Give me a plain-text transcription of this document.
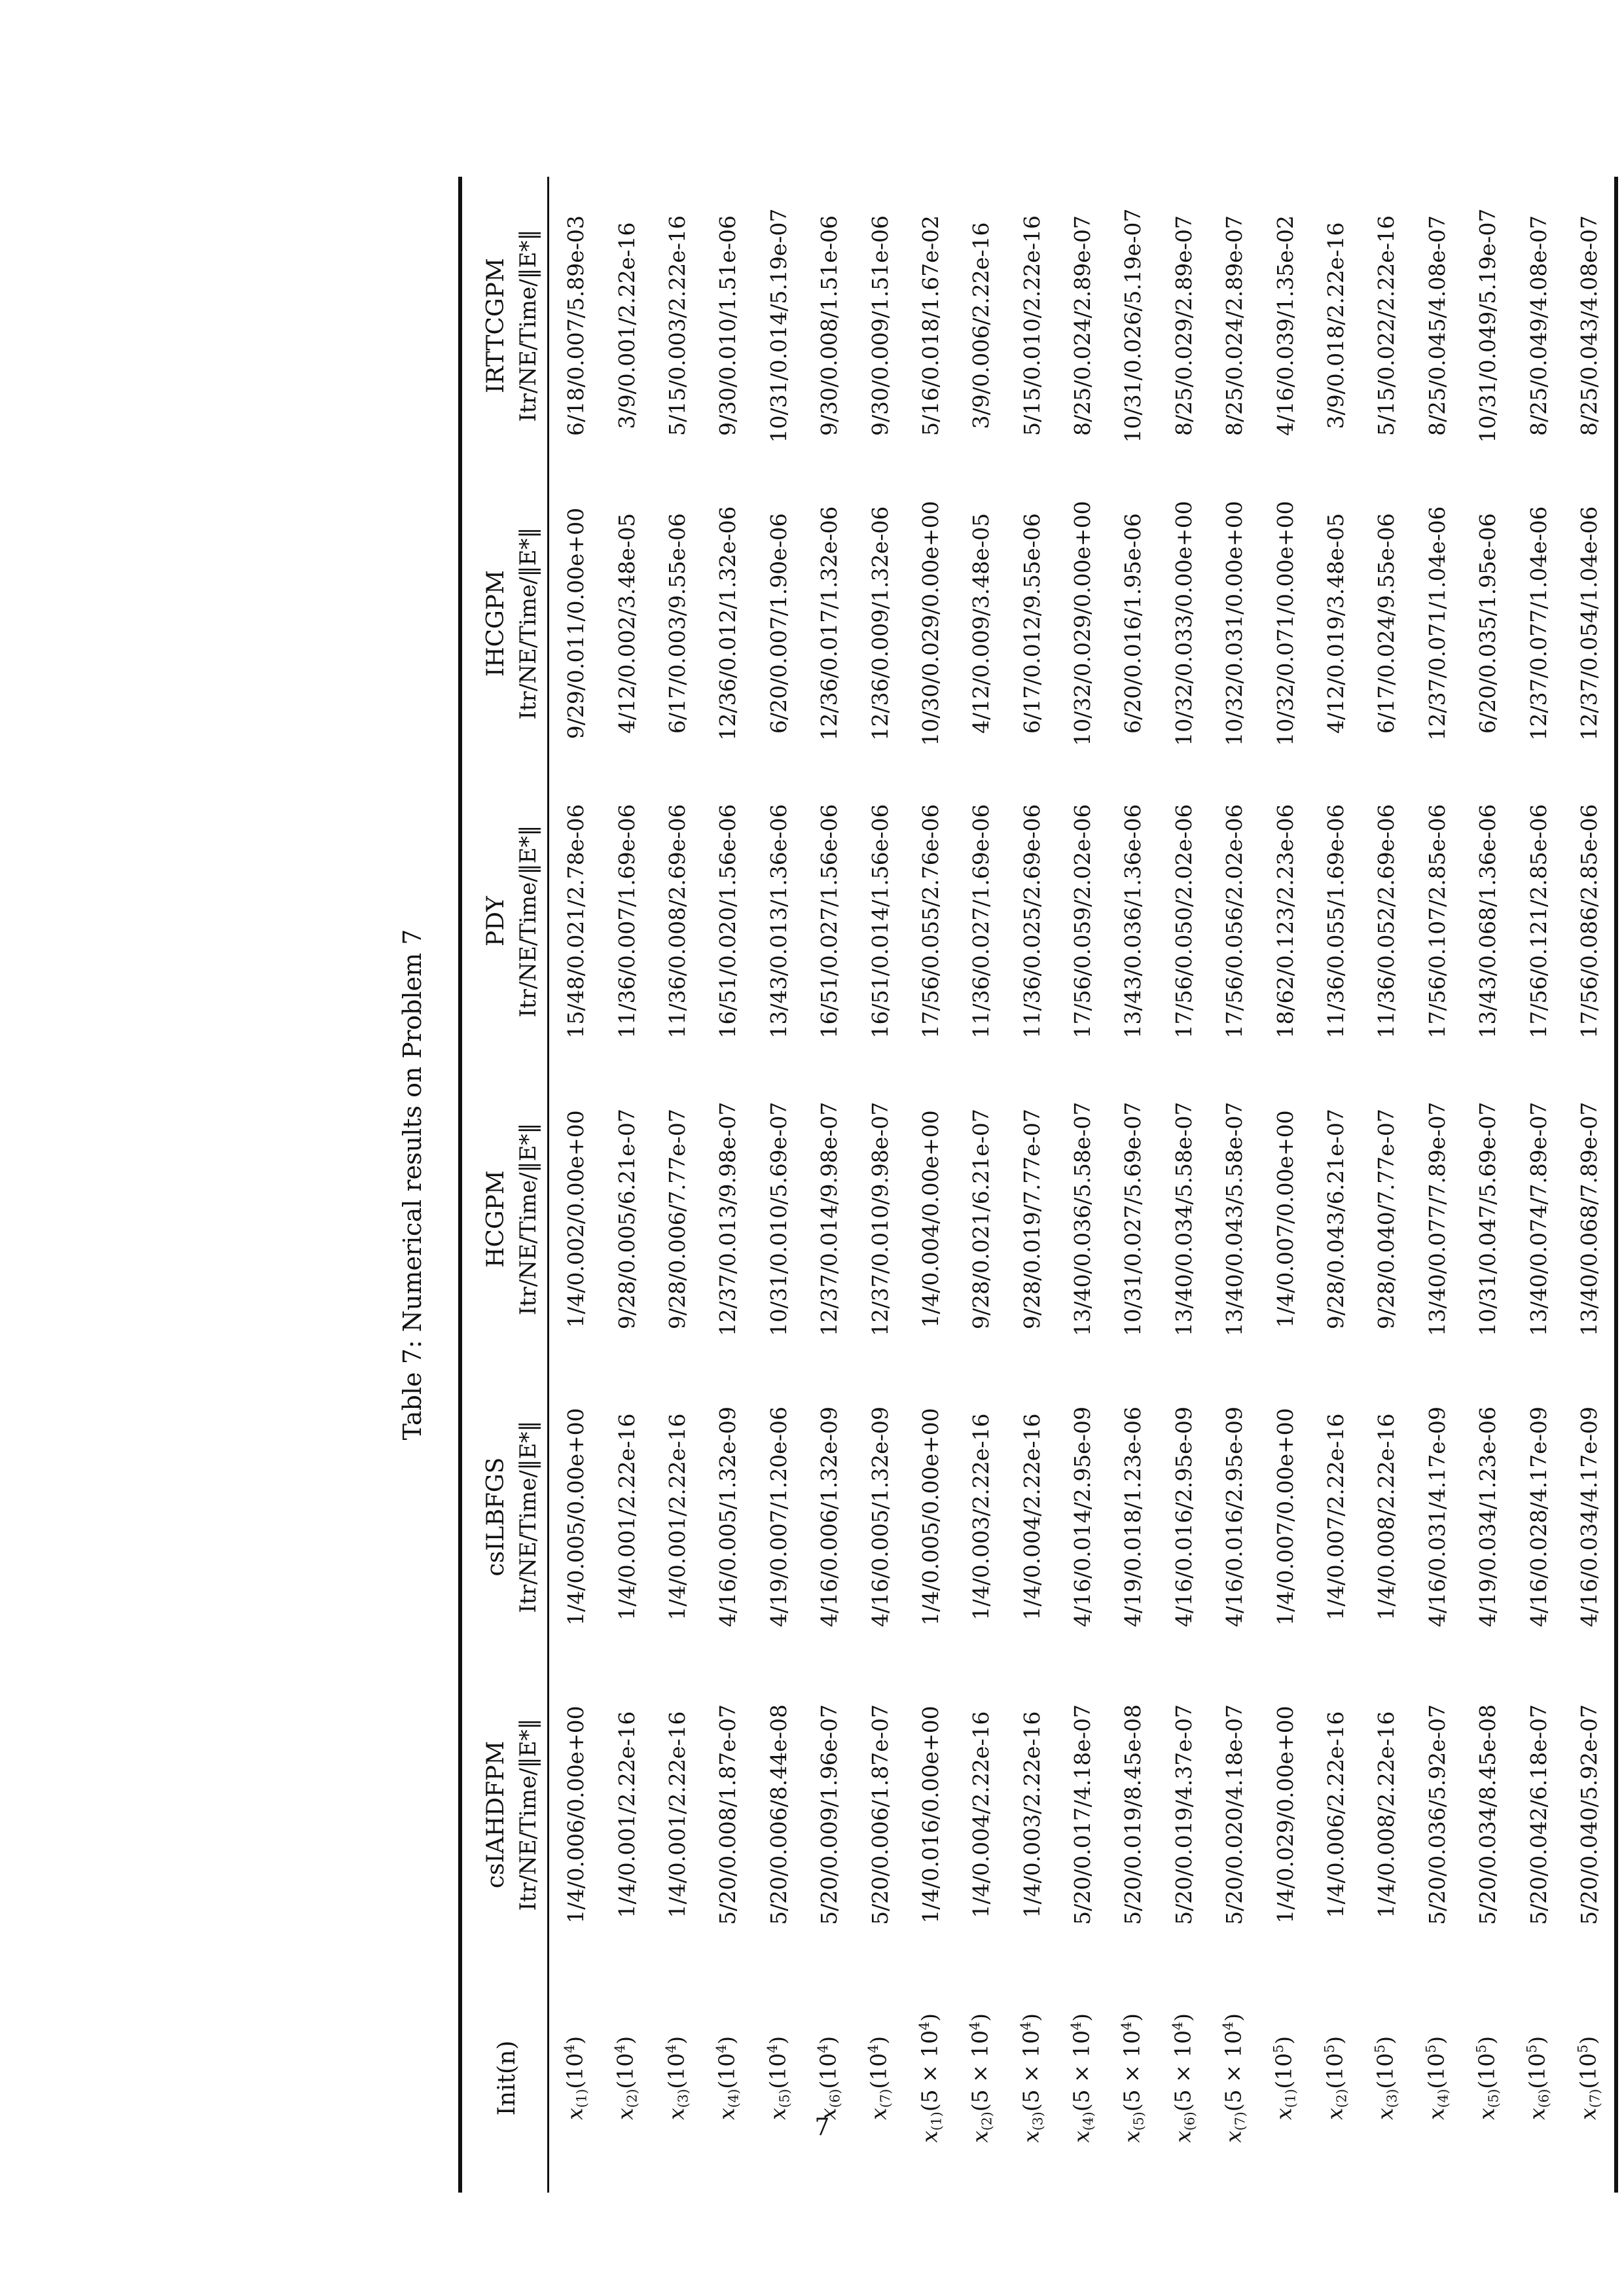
Table 7: Numerical results on Problem 7
Init(n)	csIAHDFPM	csILBFGS	HCGPM	PDY	IHCGPM	IRTTCGPM
	Itr/NE/Time/‖E*‖	Itr/NE/Time/‖E*‖	Itr/NE/Time/‖E*‖	Itr/NE/Time/‖E*‖	Itr/NE/Time/‖E*‖	Itr/NE/Time/‖E*‖
$x_{(1)}(10^4)$	1/4/0.006/0.00e+00	1/4/0.005/0.00e+00	1/4/0.002/0.00e+00	15/48/0.021/2.78e-06	9/29/0.011/0.00e+00	6/18/0.007/5.89e-03
$x_{(2)}(10^4)$	1/4/0.001/2.22e-16	1/4/0.001/2.22e-16	9/28/0.005/6.21e-07	11/36/0.007/1.69e-06	4/12/0.002/3.48e-05	3/9/0.001/2.22e-16
$x_{(3)}(10^4)$	1/4/0.001/2.22e-16	1/4/0.001/2.22e-16	9/28/0.006/7.77e-07	11/36/0.008/2.69e-06	6/17/0.003/9.55e-06	5/15/0.003/2.22e-16
$x_{(4)}(10^4)$	5/20/0.008/1.87e-07	4/16/0.005/1.32e-09	12/37/0.013/9.98e-07	16/51/0.020/1.56e-06	12/36/0.012/1.32e-06	9/30/0.010/1.51e-06
$x_{(5)}(10^4)$	5/20/0.006/8.44e-08	4/19/0.007/1.20e-06	10/31/0.010/5.69e-07	13/43/0.013/1.36e-06	6/20/0.007/1.90e-06	10/31/0.014/5.19e-07
$x_{(6)}(10^4)$	5/20/0.009/1.96e-07	4/16/0.006/1.32e-09	12/37/0.014/9.98e-07	16/51/0.027/1.56e-06	12/36/0.017/1.32e-06	9/30/0.008/1.51e-06
$x_{(7)}(10^4)$	5/20/0.006/1.87e-07	4/16/0.005/1.32e-09	12/37/0.010/9.98e-07	16/51/0.014/1.56e-06	12/36/0.009/1.32e-06	9/30/0.009/1.51e-06
$x_{(1)}(5 \times 10^4)$	1/4/0.016/0.00e+00	1/4/0.005/0.00e+00	1/4/0.004/0.00e+00	17/56/0.055/2.76e-06	10/30/0.029/0.00e+00	5/16/0.018/1.67e-02
$x_{(2)}(5 \times 10^4)$	1/4/0.004/2.22e-16	1/4/0.003/2.22e-16	9/28/0.021/6.21e-07	11/36/0.027/1.69e-06	4/12/0.009/3.48e-05	3/9/0.006/2.22e-16
$x_{(3)}(5 \times 10^4)$	1/4/0.003/2.22e-16	1/4/0.004/2.22e-16	9/28/0.019/7.77e-07	11/36/0.025/2.69e-06	6/17/0.012/9.55e-06	5/15/0.010/2.22e-16
$x_{(4)}(5 \times 10^4)$	5/20/0.017/4.18e-07	4/16/0.014/2.95e-09	13/40/0.036/5.58e-07	17/56/0.059/2.02e-06	10/32/0.029/0.00e+00	8/25/0.024/2.89e-07
$x_{(5)}(5 \times 10^4)$	5/20/0.019/8.45e-08	4/19/0.018/1.23e-06	10/31/0.027/5.69e-07	13/43/0.036/1.36e-06	6/20/0.016/1.95e-06	10/31/0.026/5.19e-07
$x_{(6)}(5 \times 10^4)$	5/20/0.019/4.37e-07	4/16/0.016/2.95e-09	13/40/0.034/5.58e-07	17/56/0.050/2.02e-06	10/32/0.033/0.00e+00	8/25/0.029/2.89e-07
$x_{(7)}(5 \times 10^4)$	5/20/0.020/4.18e-07	4/16/0.016/2.95e-09	13/40/0.043/5.58e-07	17/56/0.056/2.02e-06	10/32/0.031/0.00e+00	8/25/0.024/2.89e-07
$x_{(1)}(10^5)$	1/4/0.029/0.00e+00	1/4/0.007/0.00e+00	1/4/0.007/0.00e+00	18/62/0.123/2.23e-06	10/32/0.071/0.00e+00	4/16/0.039/1.35e-02
$x_{(2)}(10^5)$	1/4/0.006/2.22e-16	1/4/0.007/2.22e-16	9/28/0.043/6.21e-07	11/36/0.055/1.69e-06	4/12/0.019/3.48e-05	3/9/0.018/2.22e-16
$x_{(3)}(10^5)$	1/4/0.008/2.22e-16	1/4/0.008/2.22e-16	9/28/0.040/7.77e-07	11/36/0.052/2.69e-06	6/17/0.024/9.55e-06	5/15/0.022/2.22e-16
$x_{(4)}(10^5)$	5/20/0.036/5.92e-07	4/16/0.031/4.17e-09	13/40/0.077/7.89e-07	17/56/0.107/2.85e-06	12/37/0.071/1.04e-06	8/25/0.045/4.08e-07
$x_{(5)}(10^5)$	5/20/0.034/8.45e-08	4/19/0.034/1.23e-06	10/31/0.047/5.69e-07	13/43/0.068/1.36e-06	6/20/0.035/1.95e-06	10/31/0.049/5.19e-07
$x_{(6)}(10^5)$	5/20/0.042/6.18e-07	4/16/0.028/4.17e-09	13/40/0.074/7.89e-07	17/56/0.121/2.85e-06	12/37/0.077/1.04e-06	8/25/0.049/4.08e-07
$x_{(7)}(10^5)$	5/20/0.040/5.92e-07	4/16/0.034/4.17e-09	13/40/0.068/7.89e-07	17/56/0.086/2.85e-06	12/37/0.054/1.04e-06	8/25/0.043/4.08e-07
7
